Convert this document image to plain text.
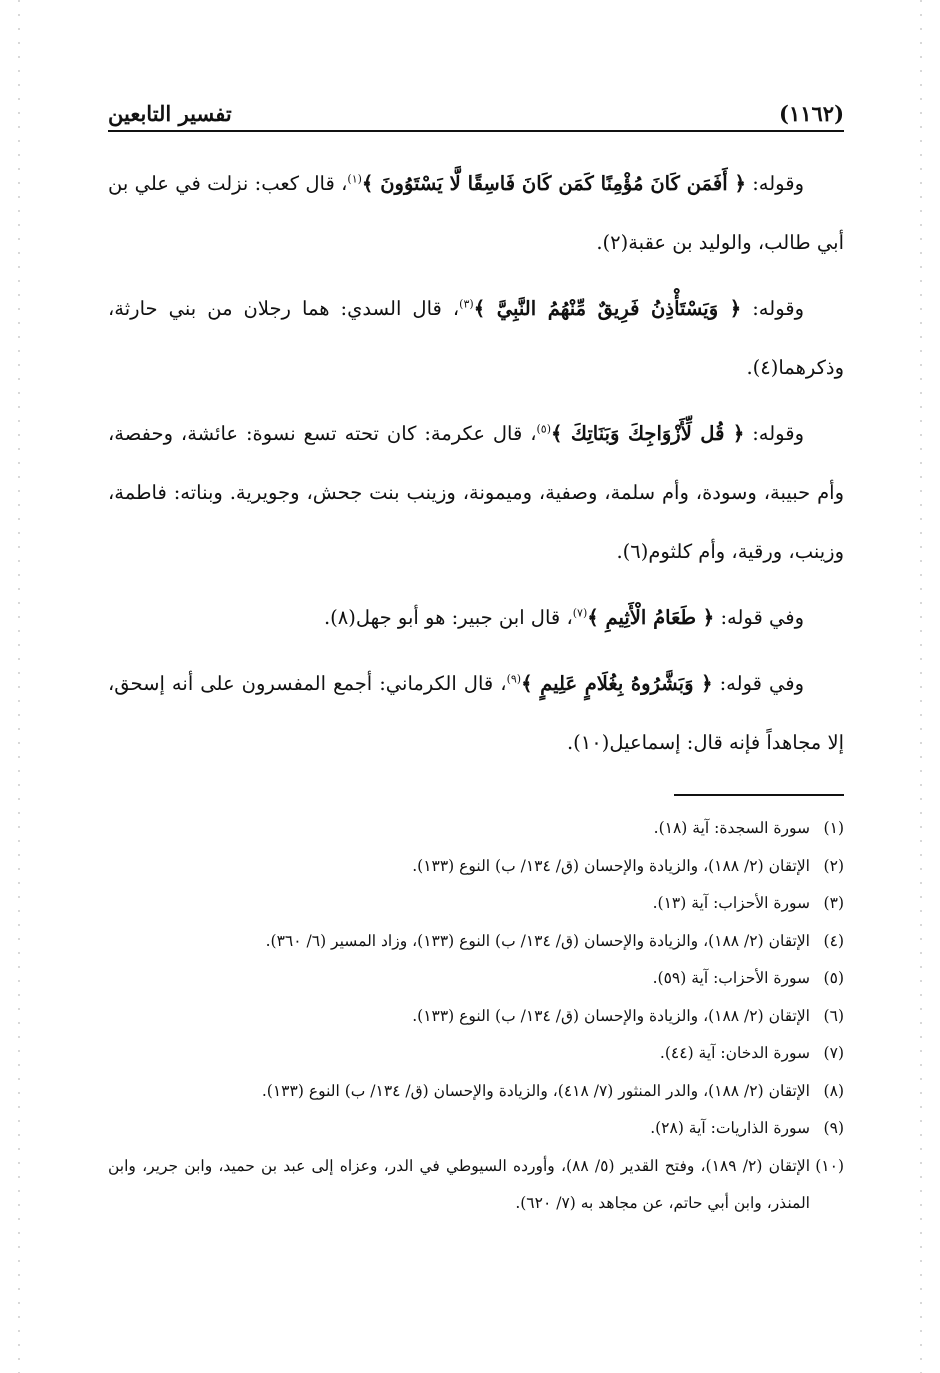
(١١٦٢)
تفسير التابعين

وقوله: ﴿ أَفَمَن كَانَ مُؤْمِنًا كَمَن كَانَ فَاسِقًا لَّا يَسْتَوُونَ ﴾$^{(١)}$، قال كعب: نزلت في علي بن أبي طالب، والوليد بن عقبة(٢).

وقوله: ﴿ وَيَسْتَأْذِنُ فَرِيقٌ مِّنْهُمُ النَّبِيَّ ﴾$^{(٣)}$، قال السدي: هما رجلان من بني حارثة، وذكرهما(٤).

وقوله: ﴿ قُل لِّأَزْوَاجِكَ وَبَنَاتِكَ ﴾$^{(٥)}$، قال عكرمة: كان تحته تسع نسوة: عائشة، وحفصة، وأم حبيبة، وسودة، وأم سلمة، وصفية، وميمونة، وزينب بنت جحش، وجويرية. وبناته: فاطمة، وزينب، ورقية، وأم كلثوم(٦).

وفي قوله: ﴿ طَعَامُ الْأَثِيمِ ﴾$^{(٧)}$، قال ابن جبير: هو أبو جهل(٨).

وفي قوله: ﴿ وَبَشَّرُوهُ بِغُلَامٍ عَلِيمٍ ﴾$^{(٩)}$، قال الكرماني: أجمع المفسرون على أنه إسحق، إلا مجاهداً فإنه قال: إسماعيل(١٠).

(١)
سورة السجدة: آية (١٨).
(٢)
الإتقان (٢/ ١٨٨)، والزيادة والإحسان (ق/ ١٣٤/ ب) النوع (١٣٣).
(٣)
سورة الأحزاب: آية (١٣).
(٤)
الإتقان (٢/ ١٨٨)، والزيادة والإحسان (ق/ ١٣٤/ ب) النوع (١٣٣)، وزاد المسير (٦/ ٣٦٠).
(٥)
سورة الأحزاب: آية (٥٩).
(٦)
الإتقان (٢/ ١٨٨)، والزيادة والإحسان (ق/ ١٣٤/ ب) النوع (١٣٣).
(٧)
سورة الدخان: آية (٤٤).
(٨)
الإتقان (٢/ ١٨٨)، والدر المنثور (٧/ ٤١٨)، والزيادة والإحسان (ق/ ١٣٤/ ب) النوع (١٣٣).
(٩)
سورة الذاريات: آية (٢٨).
(١٠)
الإتقان (٢/ ١٨٩)، وفتح القدير (٥/ ٨٨)، وأورده السيوطي في الدر، وعزاه إلى عبد بن حميد، وابن جرير، وابن المنذر، وابن أبي حاتم، عن مجاهد به (٧/ ٦٢٠).
